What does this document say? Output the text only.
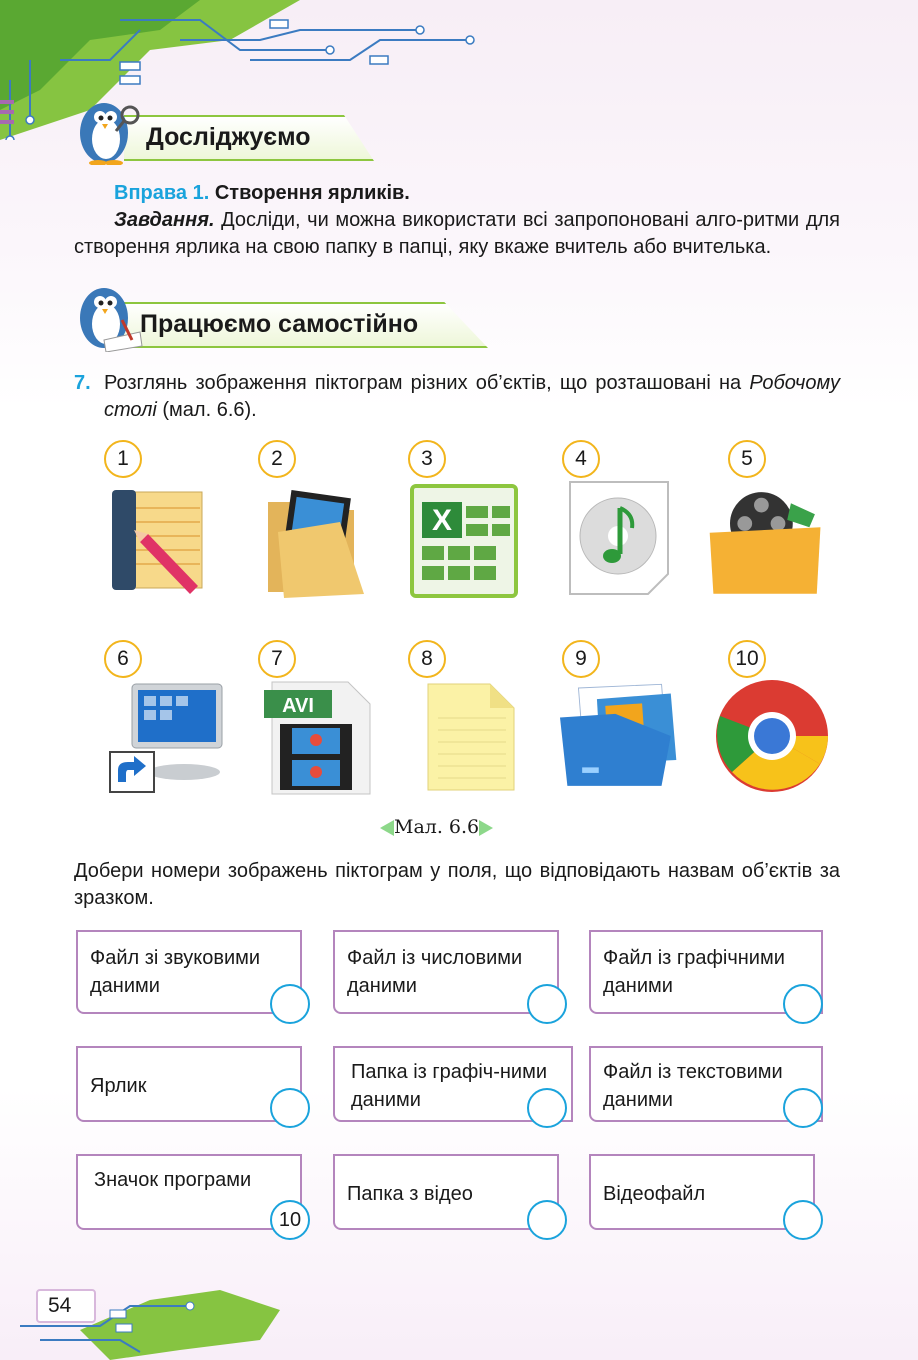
Досліджуємо

Вправа 1. Створення ярликів.

Завдання. Досліди, чи можна використати всі запропоновані алго-ритми для створення ярлика на свою папку в папці, яку вкаже вчитель або вчителька.

Працюємо самостійно
7. Розглянь зображення піктограм різних об’єктів, що розташовані на Робочому столі (мал. 6.6).

1	2	3	4	5
X
6	7	8	9	10
AVI
Мал. 6.6

Добери номери зображень піктограм у поля, що відповідають назвам об’єктів за зразком.

Файл зі звуковими даними
Файл із числовими даними
Файл із графічними даними
Ярлик
Папка із графіч-ними даними
Файл із текстовими даними
Значок програми
10
Папка з відео	Відеофайл
54
